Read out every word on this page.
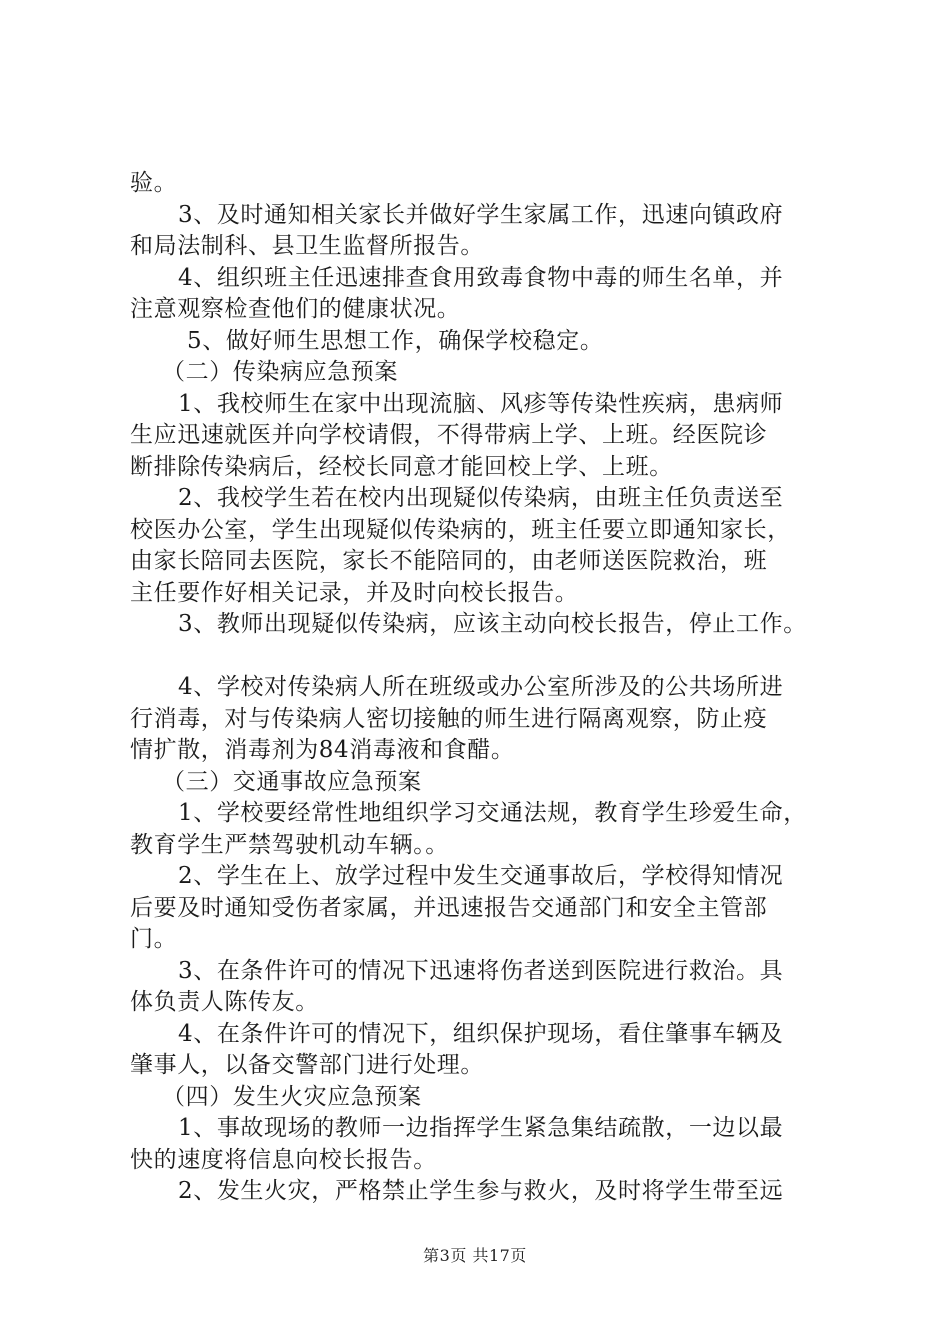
验。
3、及时通知相关家长并做好学生家属工作，迅速向镇政府
和局法制科、县卫生监督所报告。
4、组织班主任迅速排查食用致毒食物中毒的师生名单，并
注意观察检查他们的健康状况。
5、做好师生思想工作，确保学校稳定。
（二）传染病应急预案
1、我校师生在家中出现流脑、风疹等传染性疾病，患病师
生应迅速就医并向学校请假，不得带病上学、上班。经医院诊
断排除传染病后，经校长同意才能回校上学、上班。
2、我校学生若在校内出现疑似传染病，由班主任负责送至
校医办公室，学生出现疑似传染病的，班主任要立即通知家长，
由家长陪同去医院，家长不能陪同的，由老师送医院救治，班
主任要作好相关记录，并及时向校长报告。
3、教师出现疑似传染病，应该主动向校长报告，停止工作。
4、学校对传染病人所在班级或办公室所涉及的公共场所进
行消毒，对与传染病人密切接触的师生进行隔离观察，防止疫
情扩散，消毒剂为84消毒液和食醋。
（三）交通事故应急预案
1、学校要经常性地组织学习交通法规，教育学生珍爱生命，
教育学生严禁驾驶机动车辆。。
2、学生在上、放学过程中发生交通事故后，学校得知情况
后要及时通知受伤者家属，并迅速报告交通部门和安全主管部
门。
3、在条件许可的情况下迅速将伤者送到医院进行救治。具
体负责人陈传友。
4、在条件许可的情况下，组织保护现场，看住肇事车辆及
肇事人，以备交警部门进行处理。
（四）发生火灾应急预案
1、事故现场的教师一边指挥学生紧急集结疏散，一边以最
快的速度将信息向校长报告。
2、发生火灾，严格禁止学生参与救火，及时将学生带至远
第3页 共17页
